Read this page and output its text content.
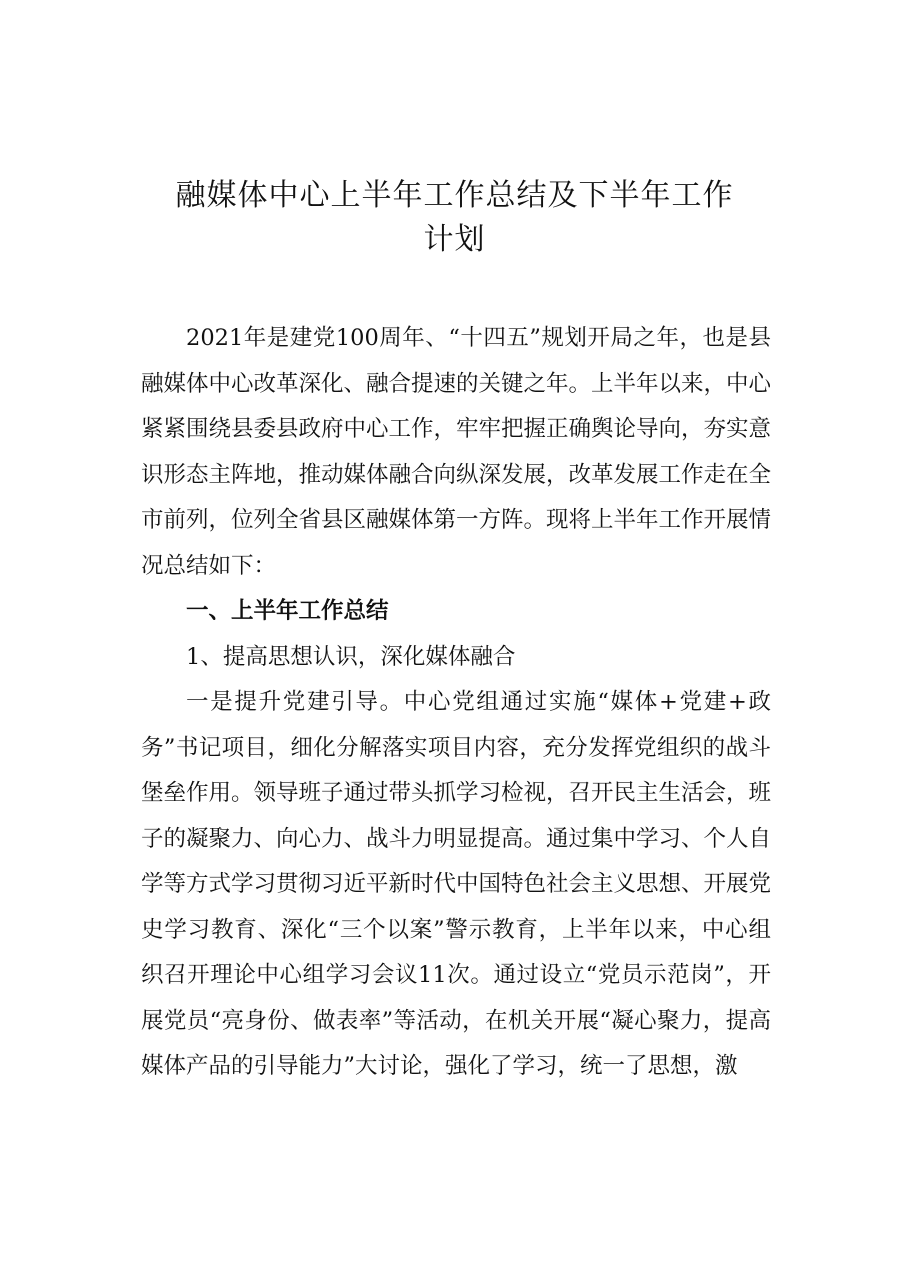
融媒体中心上半年工作总结及下半年工作
计划

2021年是建党100周年、“十四五”规划开局之年，也是县融媒体中心改革深化、融合提速的关键之年。上半年以来，中心紧紧围绕县委县政府中心工作，牢牢把握正确舆论导向，夯实意识形态主阵地，推动媒体融合向纵深发展，改革发展工作走在全市前列，位列全省县区融媒体第一方阵。现将上半年工作开展情况总结如下：

一、上半年工作总结

1、提高思想认识，深化媒体融合

一是提升党建引导。中心党组通过实施“媒体+党建+政务”书记项目，细化分解落实项目内容，充分发挥党组织的战斗堡垒作用。领导班子通过带头抓学习检视，召开民主生活会，班子的凝聚力、向心力、战斗力明显提高。通过集中学习、个人自学等方式学习贯彻习近平新时代中国特色社会主义思想、开展党史学习教育、深化“三个以案”警示教育，上半年以来，中心组织召开理论中心组学习会议11次。通过设立“党员示范岗”，开展党员“亮身份、做表率”等活动，在机关开展“凝心聚力，提高媒体产品的引导能力”大讨论，强化了学习，统一了思想，激
